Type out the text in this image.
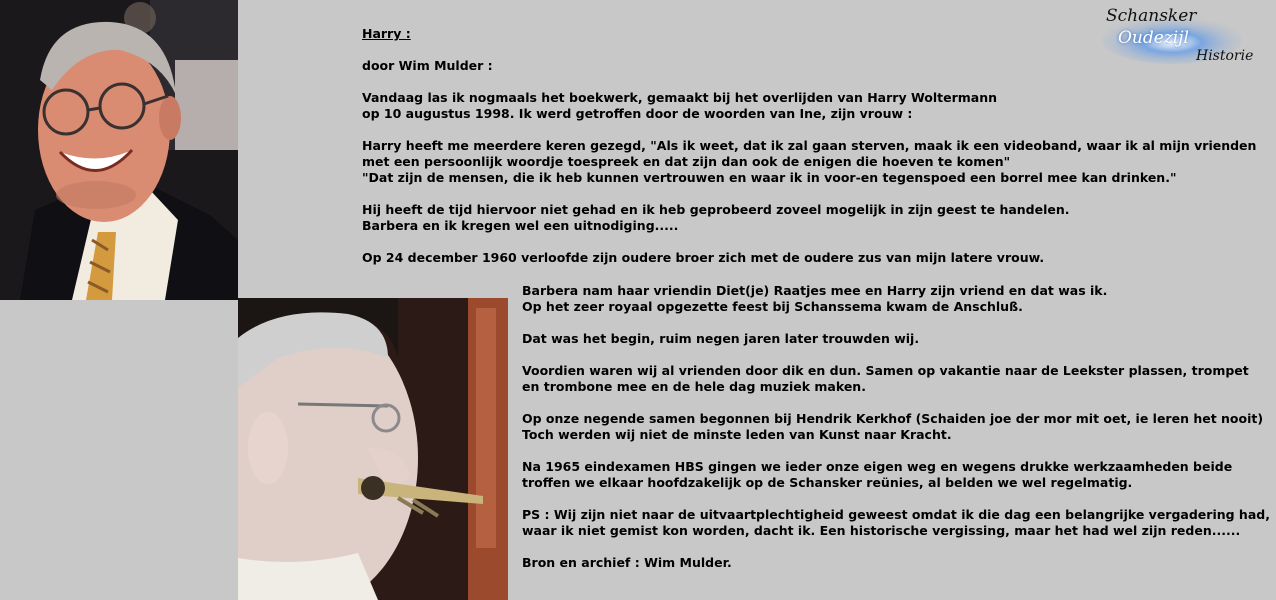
Schansker
Oudezijl
Historie

Harry :

door Wim Mulder :

Vandaag las ik nogmaals het boekwerk, gemaakt bij het overlijden van Harry Woltermann
op 10 augustus 1998. Ik werd getroffen door de woorden van Ine, zijn vrouw :

Harry heeft me meerdere keren gezegd, "Als ik weet, dat ik zal gaan sterven, maak ik een videoband, waar ik al mijn vrienden
met een persoonlijk woordje toespreek en dat zijn dan ook de enigen die hoeven te komen"
"Dat zijn de mensen, die ik heb kunnen vertrouwen en waar ik in voor-en tegenspoed een borrel mee kan drinken."

Hij heeft de tijd hiervoor niet gehad en ik heb geprobeerd zoveel mogelijk in zijn geest te handelen.
Barbera en ik kregen wel een uitnodiging.....

Op 24 december 1960 verloofde zijn oudere broer zich met de oudere zus van mijn latere vrouw.

Barbera nam haar vriendin Diet(je) Raatjes mee en Harry zijn vriend en dat was ik.
Op het zeer royaal opgezette feest bij Schanssema kwam de Anschluß.

Dat was het begin, ruim negen jaren later trouwden wij.

Voordien waren wij al vrienden door dik en dun. Samen op vakantie naar de Leekster plassen, trompet
en trombone mee en de hele dag muziek maken.

Op onze negende samen begonnen bij Hendrik Kerkhof (Schaiden joe der mor mit oet, ie leren het nooit)
Toch werden wij niet de minste leden van Kunst naar Kracht.

Na 1965 eindexamen HBS gingen we ieder onze eigen weg en wegens drukke werkzaamheden beide
troffen we elkaar hoofdzakelijk op de Schansker reünies, al belden we wel regelmatig.

PS : Wij zijn niet naar de uitvaartplechtigheid geweest omdat ik die dag een belangrijke vergadering had,
waar ik niet gemist kon worden, dacht ik. Een historische vergissing, maar het had wel zijn reden......

Bron en archief : Wim Mulder.
